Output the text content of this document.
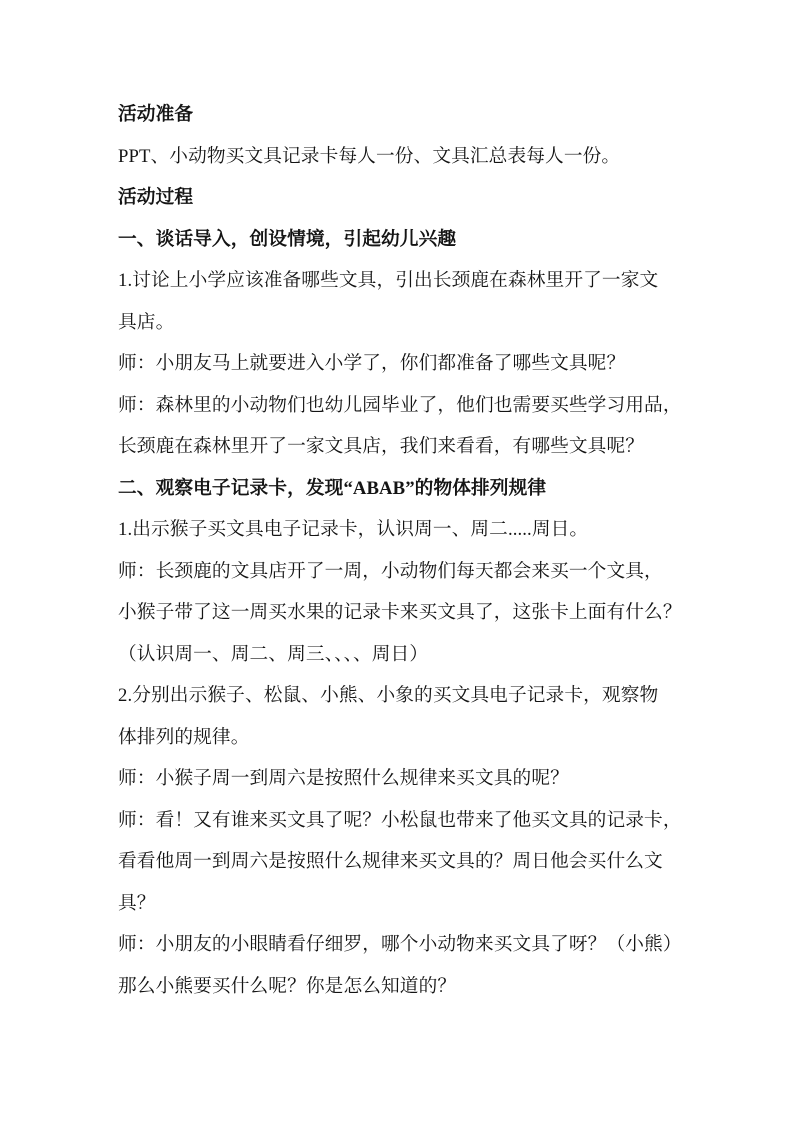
活动准备
PPT、小动物买文具记录卡每人一份、文具汇总表每人一份。
活动过程
一、谈话导入，创设情境，引起幼儿兴趣
1.讨论上小学应该准备哪些文具，引出长颈鹿在森林里开了一家文
具店。
师：小朋友马上就要进入小学了，你们都准备了哪些文具呢？
师：森林里的小动物们也幼儿园毕业了，他们也需要买些学习用品，
长颈鹿在森林里开了一家文具店，我们来看看，有哪些文具呢？
二、观察电子记录卡，发现“ABAB”的物体排列规律
1.出示猴子买文具电子记录卡，认识周一、周二.....周日。
师：长颈鹿的文具店开了一周，小动物们每天都会来买一个文具，
小猴子带了这一周买水果的记录卡来买文具了，这张卡上面有什么？
（认识周一、周二、周三、、、、周日）
2.分别出示猴子、松鼠、小熊、小象的买文具电子记录卡，观察物
体排列的规律。
师：小猴子周一到周六是按照什么规律来买文具的呢？
师：看！又有谁来买文具了呢？小松鼠也带来了他买文具的记录卡，
看看他周一到周六是按照什么规律来买文具的？周日他会买什么文
具？
师：小朋友的小眼睛看仔细罗，哪个小动物来买文具了呀？（小熊）
那么小熊要买什么呢？你是怎么知道的？
